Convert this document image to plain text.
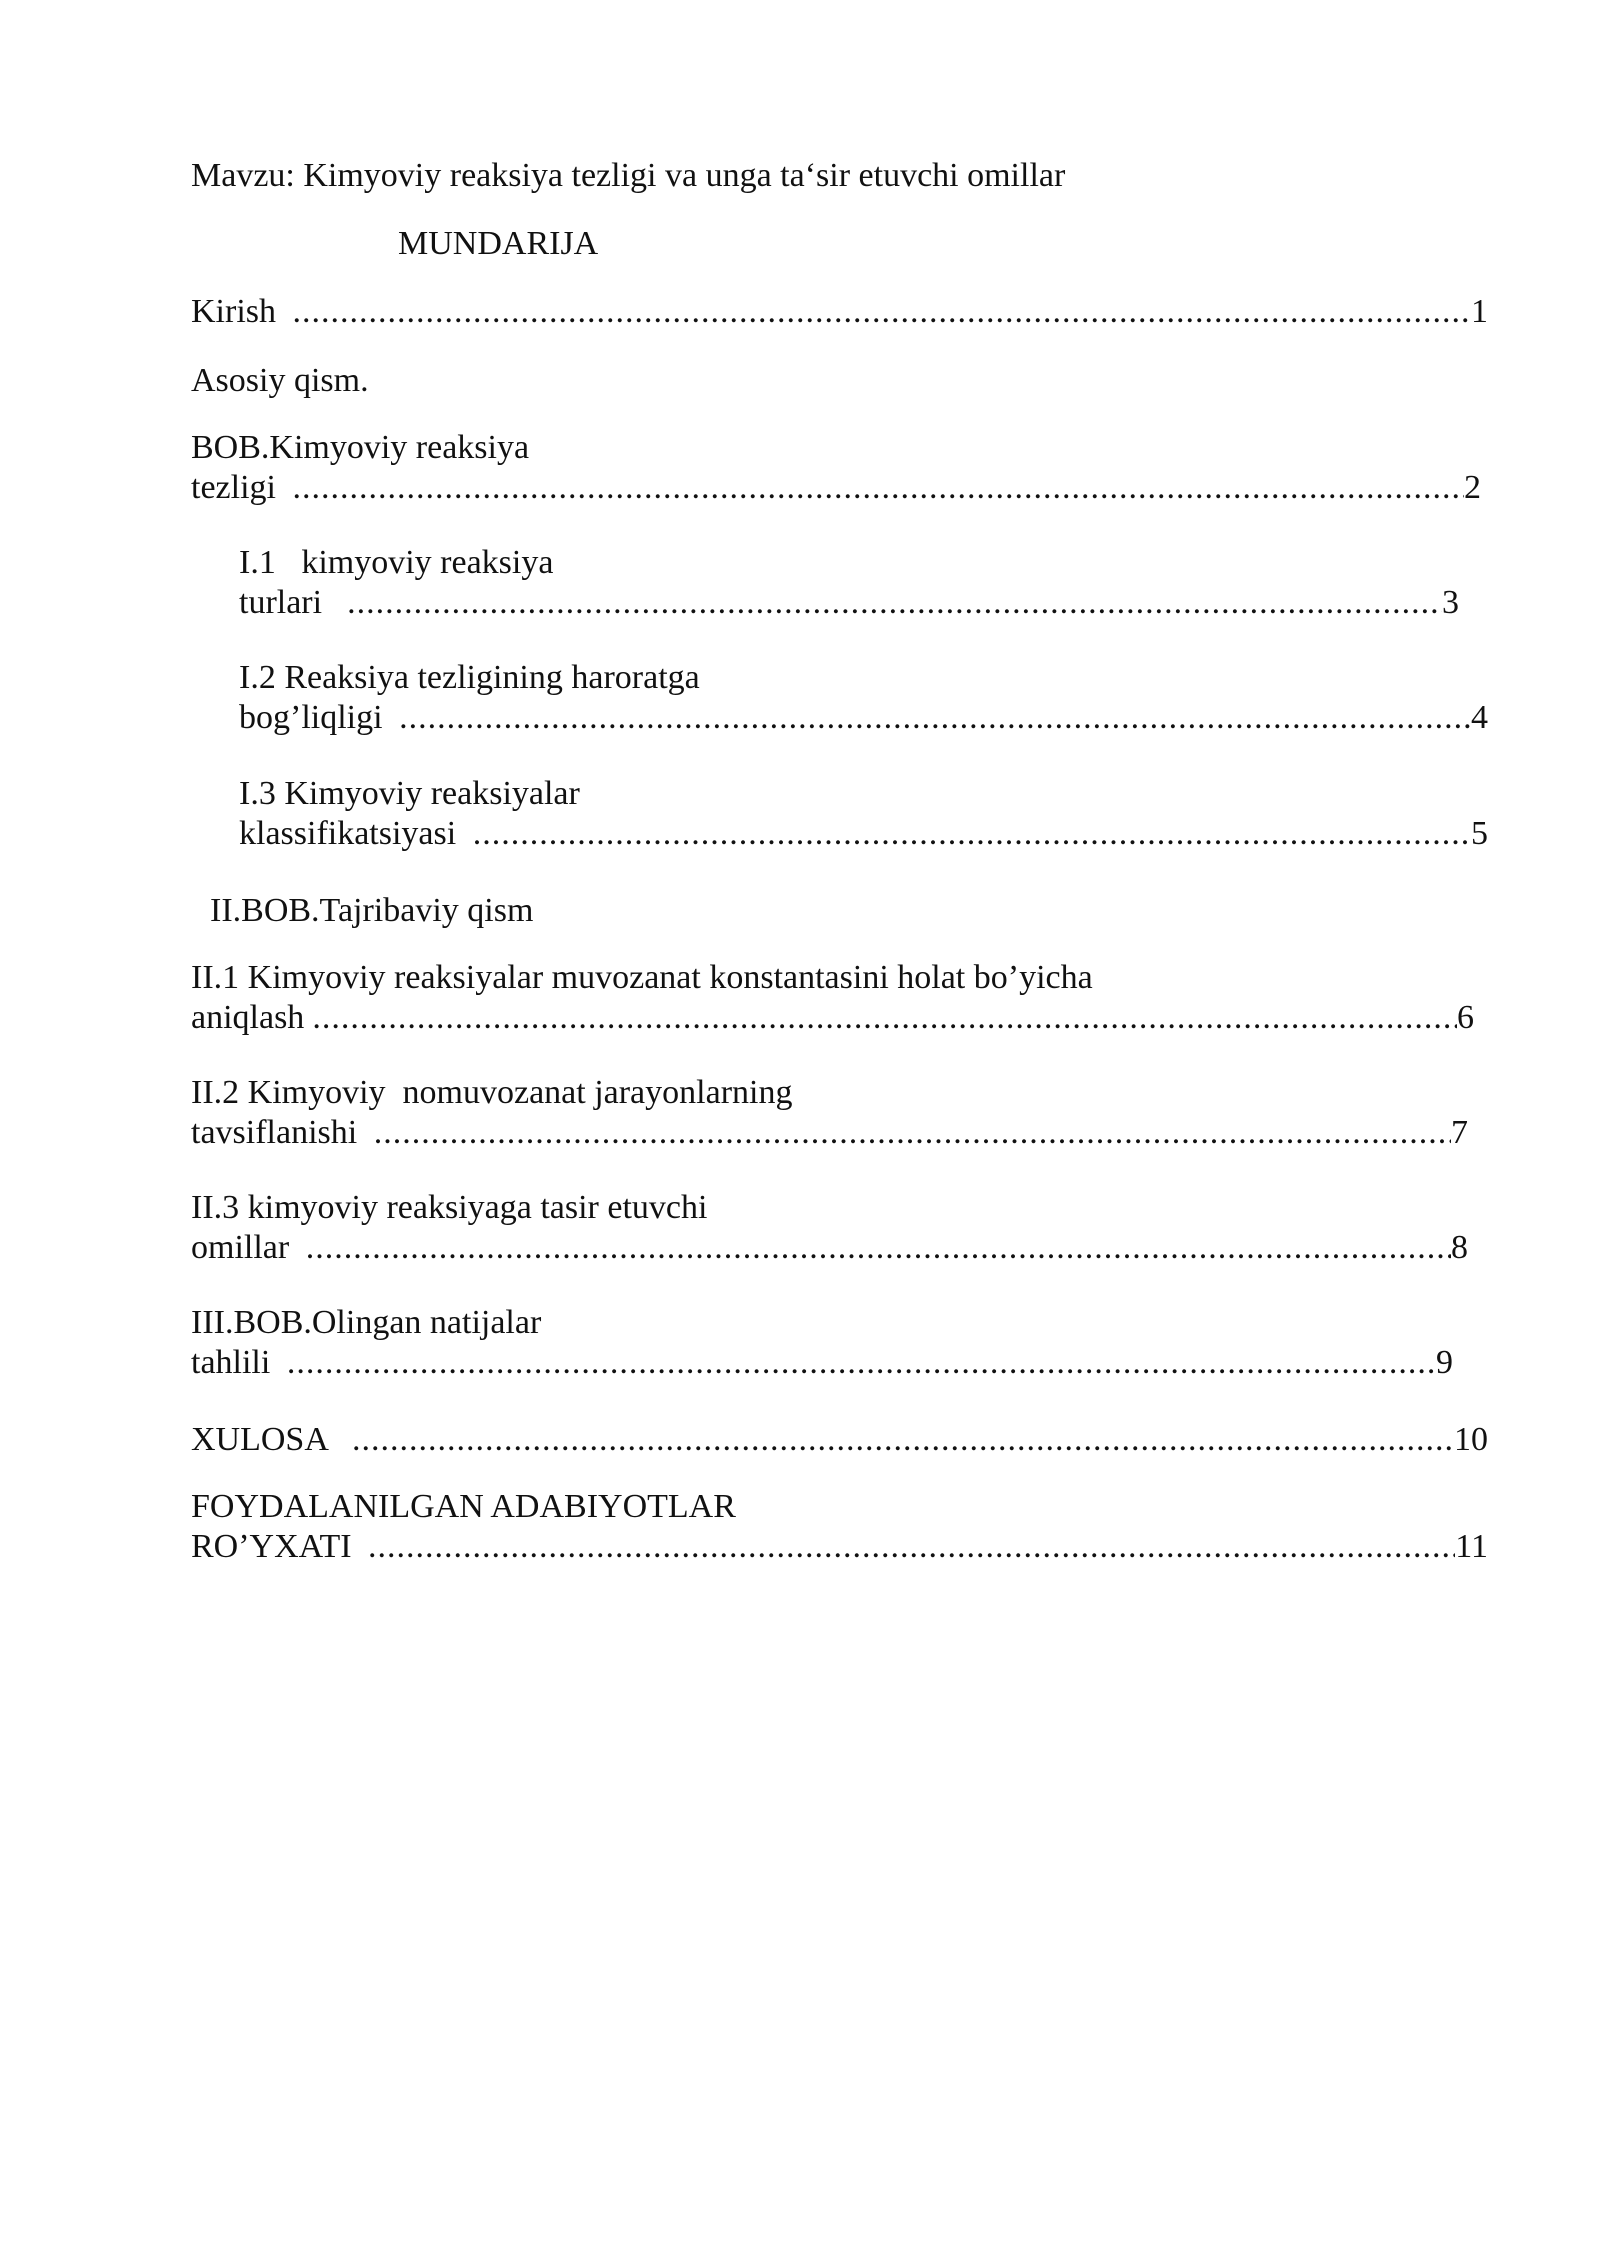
Mavzu: Kimyoviy reaksiya tezligi va unga ta‘sir etuvchi omillar
MUNDARIJA
Kirish .....	1
Asosiy qism.
BOB.Kimyoviy reaksiya
tezligi .....	2
I.1   kimyoviy reaksiya
turlari .....	3
I.2 Reaksiya tezligining haroratga
bog’liqligi .....	4
I.3 Kimyoviy reaksiyalar
klassifikatsiyasi .....	5
II.BOB.Tajribaviy qism
II.1 Kimyoviy reaksiyalar muvozanat konstantasini holat bo’yicha
aniqlash .....	6
II.2 Kimyoviy  nomuvozanat jarayonlarning
tavsiflanishi .....	7
II.3 kimyoviy reaksiyaga tasir etuvchi
omillar .....	8
III.BOB.Olingan natijalar
tahlili .....	9
XULOSA .....	10
FOYDALANILGAN ADABIYOTLAR
RO’YXATI .....	11
